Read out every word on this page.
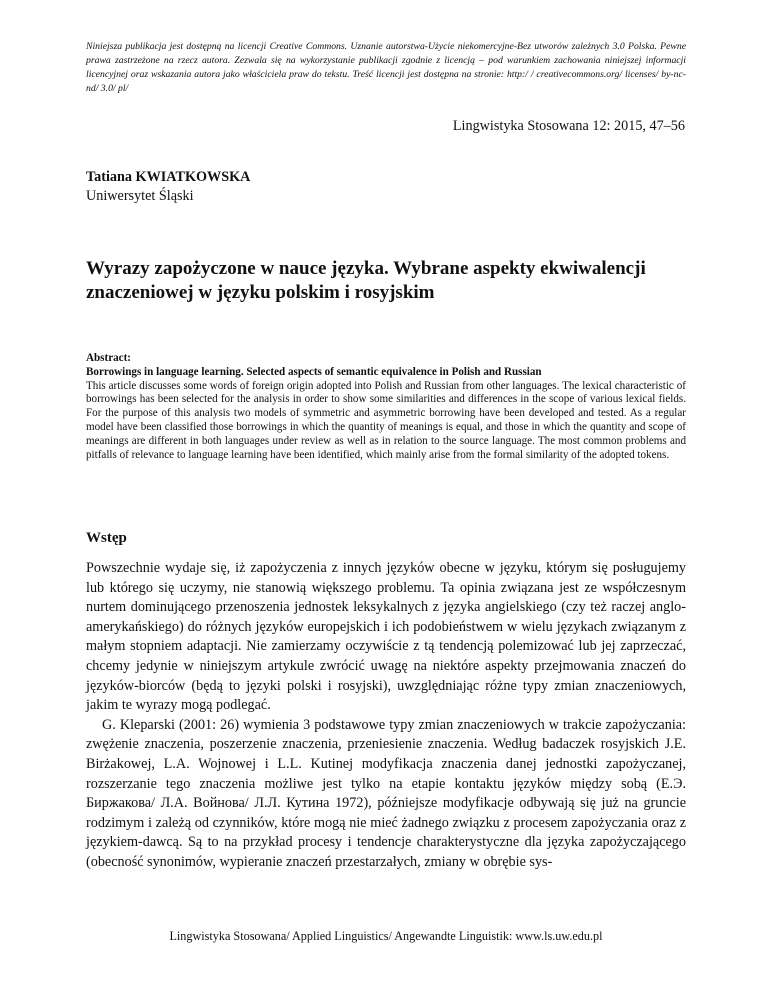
Niniejsza publikacja jest dostępną na licencji Creative Commons. Uznanie autorstwa-Użycie niekomercyjne-Bez utworów zależnych 3.0 Polska. Pewne prawa zastrzeżone na rzecz autora. Zezwala się na wykorzystanie publikacji zgodnie z licencją – pod warunkiem zachowania niniejszej informacji licencyjnej oraz wskazania autora jako właściciela praw do tekstu. Treść licencji jest dostępna na stronie: http:/ / creativecommons.org/ licenses/ by-nc-nd/ 3.0/ pl/
Lingwistyka Stosowana 12: 2015, 47–56
Tatiana KWIATKOWSKA
Uniwersytet Śląski
Wyrazy zapożyczone w nauce języka. Wybrane aspekty ekwiwalencji znaczeniowej w języku polskim i rosyjskim
Abstract:
Borrowings in language learning. Selected aspects of semantic equivalence in Polish and Russian
This article discusses some words of foreign origin adopted into Polish and Russian from other languages. The lexical characteristic of borrowings has been selected for the analysis in order to show some similarities and differences in the scope of various lexical fields. For the purpose of this analysis two models of symmetric and asymmetric borrowing have been developed and tested. As a regular model have been classified those borrowings in which the quantity of meanings is equal, and those in which the quantity and scope of meanings are different in both languages under review as well as in relation to the source language. The most common problems and pitfalls of relevance to language learning have been identified, which mainly arise from the formal similarity of the adopted tokens.
Wstęp

Powszechnie wydaje się, iż zapożyczenia z innych języków obecne w języku, którym się posługujemy lub którego się uczymy, nie stanowią większego problemu. Ta opinia związana jest ze współczesnym nurtem dominującego przenoszenia jednostek leksykalnych z języka angielskiego (czy też raczej anglo-amerykańskiego) do różnych języków europejskich i ich podobieństwem w wielu językach związanym z małym stopniem adaptacji. Nie zamierzamy oczywiście z tą tendencją polemizować lub jej zaprzeczać, chcemy jedynie w niniejszym artykule zwrócić uwagę na niektóre aspekty przejmowania znaczeń do języków-biorców (będą to języki polski i rosyjski), uwzględniając różne typy zmian znaczeniowych, jakim te wyrazy mogą podlegać.

G. Kleparski (2001: 26) wymienia 3 podstawowe typy zmian znaczeniowych w trakcie zapożyczania: zwężenie znaczenia, poszerzenie znaczenia, przeniesienie znaczenia. Według badaczek rosyjskich J.E. Birżakowej, L.A. Wojnowej i L.L. Kutinej modyfikacja znaczenia danej jednostki zapożyczanej, rozszerzanie tego znaczenia możliwe jest tylko na etapie kontaktu języków między sobą (Е.Э. Биржакова/ Л.А. Войнова/ Л.Л. Кутина 1972), późniejsze modyfikacje odbywają się już na gruncie rodzimym i zależą od czynników, które mogą nie mieć żadnego związku z procesem zapożyczania oraz z językiem-dawcą. Są to na przykład procesy i tendencje charakterystyczne dla języka zapożyczającego (obecność synonimów, wypieranie znaczeń przestarzałych, zmiany w obrębie sys-

Lingwistyka Stosowana/ Applied Linguistics/ Angewandte Linguistik: www.ls.uw.edu.pl
